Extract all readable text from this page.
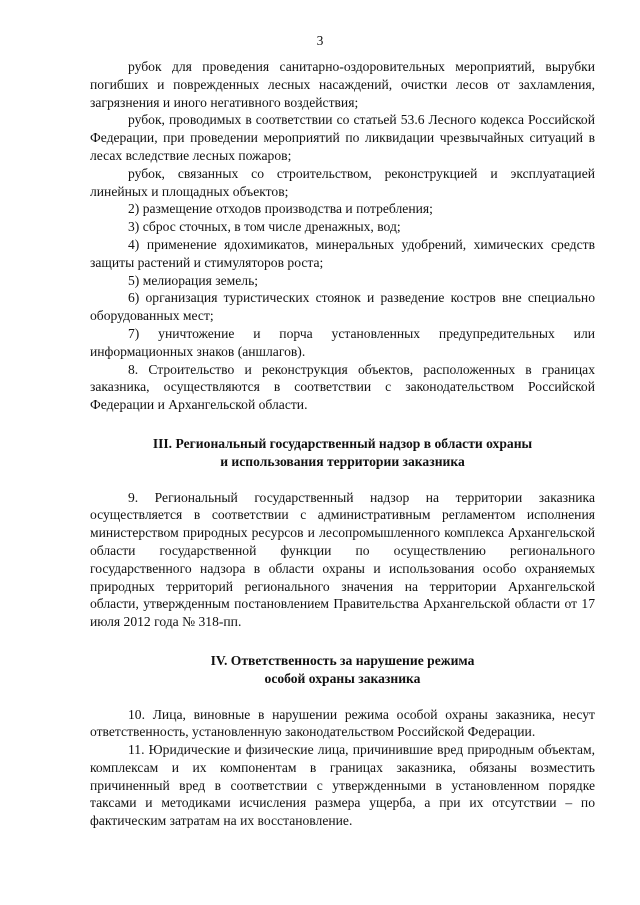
3

рубок для проведения санитарно-оздоровительных мероприятий, вырубки погибших и поврежденных лесных насаждений, очистки лесов от захламления, загрязнения и иного негативного воздействия;

рубок, проводимых в соответствии со статьей 53.6 Лесного кодекса Российской Федерации, при проведении мероприятий по ликвидации чрезвычайных ситуаций в лесах вследствие лесных пожаров;

рубок, связанных со строительством, реконструкцией и эксплуатацией линейных и площадных объектов;

2) размещение отходов производства и потребления;

3) сброс сточных, в том числе дренажных, вод;

4) применение ядохимикатов, минеральных удобрений, химических средств защиты растений и стимуляторов роста;

5) мелиорация земель;

6) организация туристических стоянок и разведение костров вне специально оборудованных мест;

7) уничтожение и порча установленных предупредительных или информационных знаков (аншлагов).

8. Строительство и реконструкция объектов, расположенных в границах заказника, осуществляются в соответствии с законодательством Российской Федерации и Архангельской области.

III. Региональный государственный надзор в области охраны
и использования территории заказника

9. Региональный государственный надзор на территории заказника осуществляется в соответствии с административным регламентом исполнения министерством природных ресурсов и лесопромышленного комплекса Архангельской области государственной функции по осуществлению регионального государственного надзора в области охраны и использования особо охраняемых природных территорий регионального значения на территории Архангельской области, утвержденным постановлением Правительства Архангельской области от 17 июля 2012 года № 318-пп.

IV. Ответственность за нарушение режима
особой охраны заказника

10. Лица, виновные в нарушении режима особой охраны заказника, несут ответственность, установленную законодательством Российской Федерации.

11. Юридические и физические лица, причинившие вред природным объектам, комплексам и их компонентам в границах заказника, обязаны возместить причиненный вред в соответствии с утвержденными в установленном порядке таксами и методиками исчисления размера ущерба, а при их отсутствии – по фактическим затратам на их восстановление.
